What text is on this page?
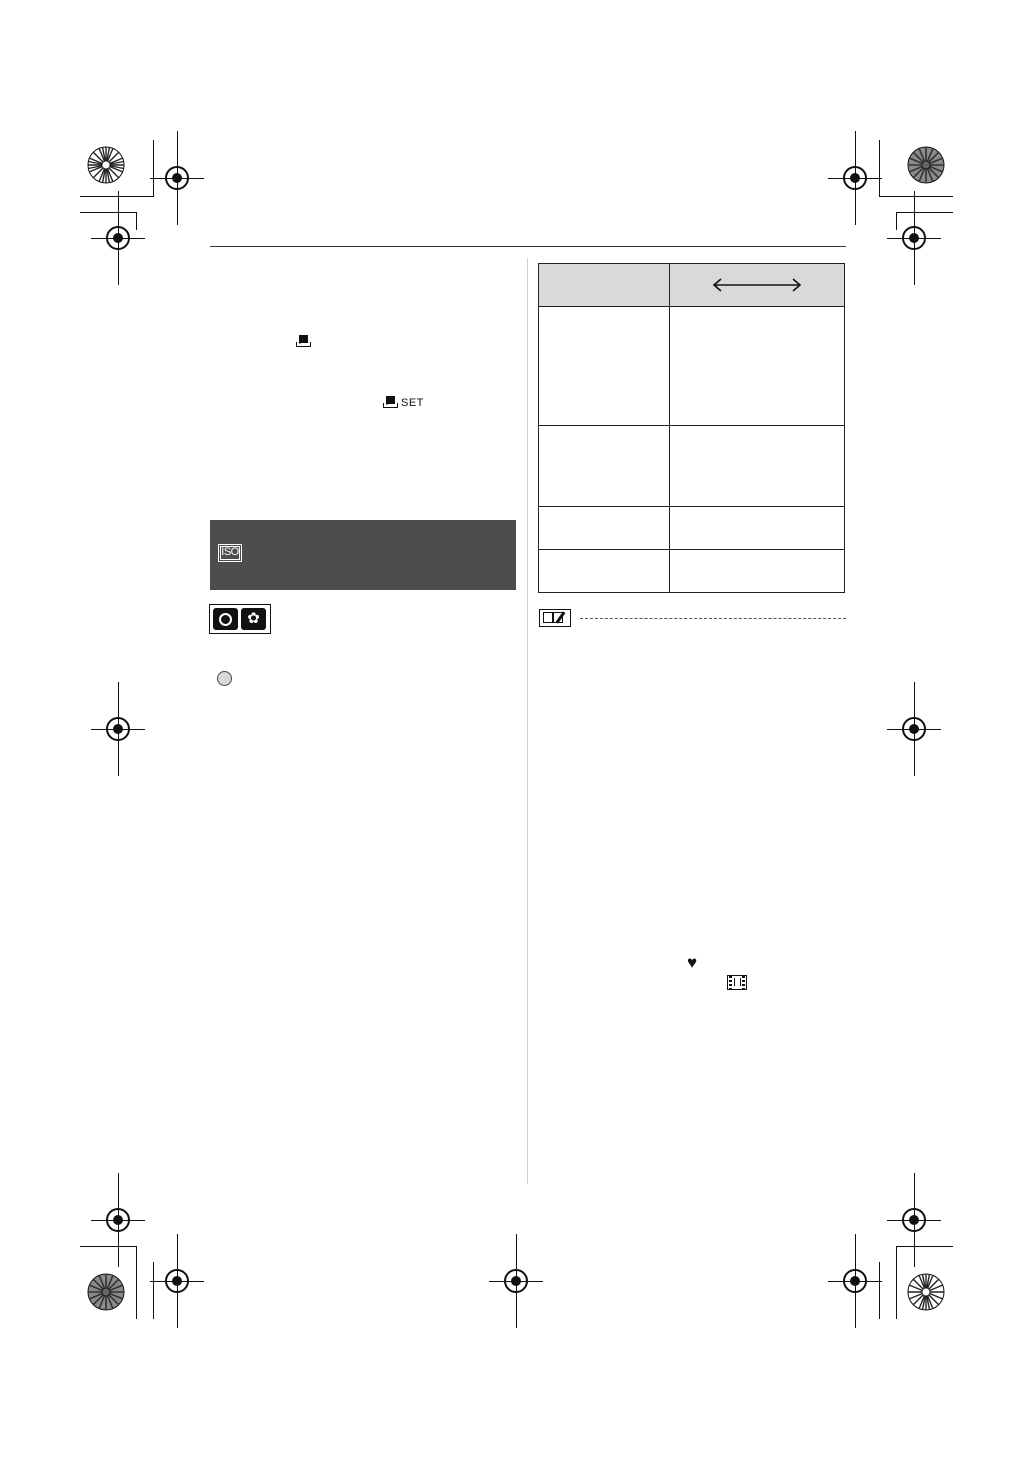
SET
ISO
✿

♥
